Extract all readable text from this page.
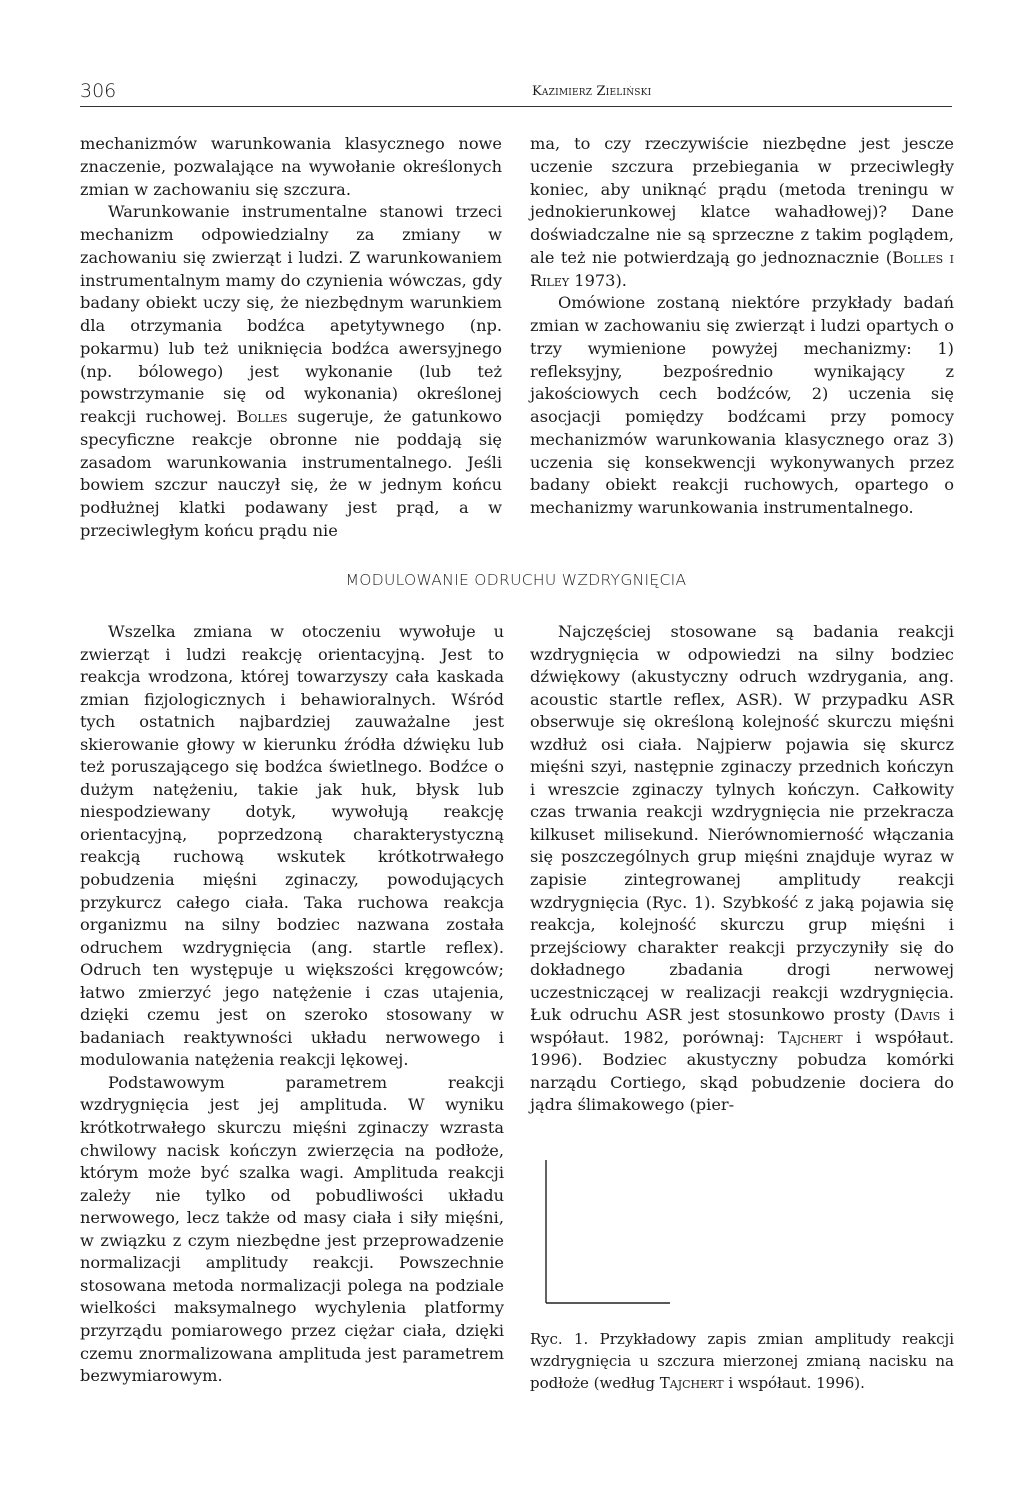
306	Kazimierz Zieliński

mechanizmów warunkowania klasycznego nowe znaczenie, pozwalające na wywołanie określonych zmian w zachowaniu się szczura.

Warunkowanie instrumentalne stanowi trzeci mechanizm odpowiedzialny za zmiany w zachowaniu się zwierząt i ludzi. Z warunkowaniem instrumentalnym mamy do czynienia wówczas, gdy badany obiekt uczy się, że niezbędnym warunkiem dla otrzymania bodźca apetytywnego (np. pokarmu) lub też uniknięcia bodźca awersyjnego (np. bólowego) jest wykonanie (lub też powstrzymanie się od wykonania) określonej reakcji ruchowej. Bolles sugeruje, że gatunkowo specyficzne reakcje obronne nie poddają się zasadom warunkowania instrumentalnego. Jeśli bowiem szczur nauczył się, że w jednym końcu podłużnej klatki podawany jest prąd, a w przeciwległym końcu prądu nie

ma, to czy rzeczywiście niezbędne jest jescze uczenie szczura przebiegania w przeciwległy koniec, aby uniknąć prądu (metoda treningu w jednokierunkowej klatce wahadłowej)? Dane doświadczalne nie są sprzeczne z takim poglądem, ale też nie potwierdzają go jednoznacznie (Bolles i Riley 1973).

Omówione zostaną niektóre przykłady badań zmian w zachowaniu się zwierząt i ludzi opartych o trzy wymienione powyżej mechanizmy: 1) refleksyjny, bezpośrednio wynikający z jakościowych cech bodźców, 2) uczenia się asocjacji pomiędzy bodźcami przy pomocy mechanizmów warunkowania klasycznego oraz 3) uczenia się konsekwencji wykonywanych przez badany obiekt reakcji ruchowych, opartego o mechanizmy warunkowania instrumentalnego.

MODULOWANIE ODRUCHU WZDRYGNIĘCIA

Wszelka zmiana w otoczeniu wywołuje u zwierząt i ludzi reakcję orientacyjną. Jest to reakcja wrodzona, której towarzyszy cała kaskada zmian fizjologicznych i behawioralnych. Wśród tych ostatnich najbardziej zauważalne jest skierowanie głowy w kierunku źródła dźwięku lub też poruszającego się bodźca świetlnego. Bodźce o dużym natężeniu, takie jak huk, błysk lub niespodziewany dotyk, wywołują reakcję orientacyjną, poprzedzoną charakterystyczną reakcją ruchową wskutek krótkotrwałego pobudzenia mięśni zginaczy, powodujących przykurcz całego ciała. Taka ruchowa reakcja organizmu na silny bodziec nazwana została odruchem wzdrygnięcia (ang. startle reflex). Odruch ten występuje u większości kręgowców; łatwo zmierzyć jego natężenie i czas utajenia, dzięki czemu jest on szeroko stosowany w badaniach reaktywności układu nerwowego i modulowania natężenia reakcji lękowej.

Podstawowym parametrem reakcji wzdrygnięcia jest jej amplituda. W wyniku krótkotrwałego skurczu mięśni zginaczy wzrasta chwilowy nacisk kończyn zwierzęcia na podłoże, którym może być szalka wagi. Amplituda reakcji zależy nie tylko od pobudliwości układu nerwowego, lecz także od masy ciała i siły mięśni, w związku z czym niezbędne jest przeprowadzenie normalizacji amplitudy reakcji. Powszechnie stosowana metoda normalizacji polega na podziale wielkości maksymalnego wychylenia platformy przyrządu pomiarowego przez ciężar ciała, dzięki czemu znormalizowana amplituda jest parametrem bezwymiarowym.

Najczęściej stosowane są badania reakcji wzdrygnięcia w odpowiedzi na silny bodziec dźwiękowy (akustyczny odruch wzdrygania, ang. acoustic startle reflex, ASR). W przypadku ASR obserwuje się określoną kolejność skurczu mięśni wzdłuż osi ciała. Najpierw pojawia się skurcz mięśni szyi, następnie zginaczy przednich kończyn i wreszcie zginaczy tylnych kończyn. Całkowity czas trwania reakcji wzdrygnięcia nie przekracza kilkuset milisekund. Nierównomierność włączania się poszczególnych grup mięśni znajduje wyraz w zapisie zintegrowanej amplitudy reakcji wzdrygnięcia (Ryc. 1). Szybkość z jaką pojawia się reakcja, kolejność skurczu grup mięśni i przejściowy charakter reakcji przyczyniły się do dokładnego zbadania drogi nerwowej uczestniczącej w realizacji reakcji wzdrygnięcia. Łuk odruchu ASR jest stosunkowo prosty (Davis i współaut. 1982, porównaj: Tajchert i współaut. 1996). Bodziec akustyczny pobudza komórki narządu Cortiego, skąd pobudzenie dociera do jądra ślimakowego (pier-

Ryc. 1. Przykładowy zapis zmian amplitudy reakcji wzdrygnięcia u szczura mierzonej zmianą nacisku na podłoże (według Tajchert i współaut. 1996).
